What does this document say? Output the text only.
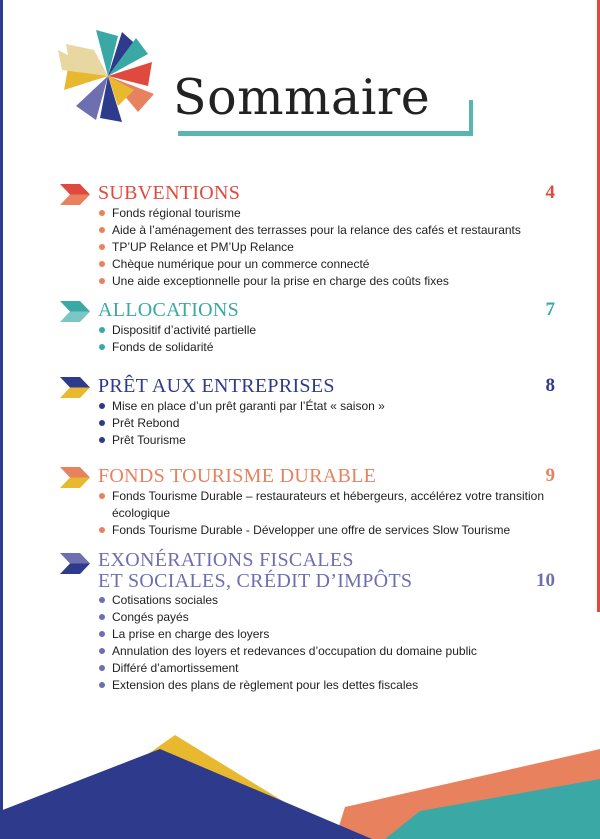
Sommaire
SUBVENTIONS	4
Fonds régional tourisme
Aide à l’aménagement des terrasses pour la relance des cafés et restaurants
TP’UP Relance et PM’Up Relance
Chèque numérique pour un commerce connecté
Une aide exceptionnelle pour la prise en charge des coûts fixes
ALLOCATIONS	7
Dispositif d’activité partielle
Fonds de solidarité
PRÊT AUX ENTREPRISES	8
Mise en place d’un prêt garanti par l’État « saison »
Prêt Rebond
Prêt Tourisme
FONDS TOURISME DURABLE	9
Fonds Tourisme Durable – restaurateurs et hébergeurs, accélérez votre transition écologique
Fonds Tourisme Durable - Développer une offre de services Slow Tourisme
EXONÉRATIONS FISCALES
ET SOCIALES, CRÉDIT D’IMPÔTS	10
Cotisations sociales
Congés payés
La prise en charge des loyers
Annulation des loyers et redevances d’occupation du domaine public
Différé d’amortissement
Extension des plans de règlement pour les dettes fiscales
